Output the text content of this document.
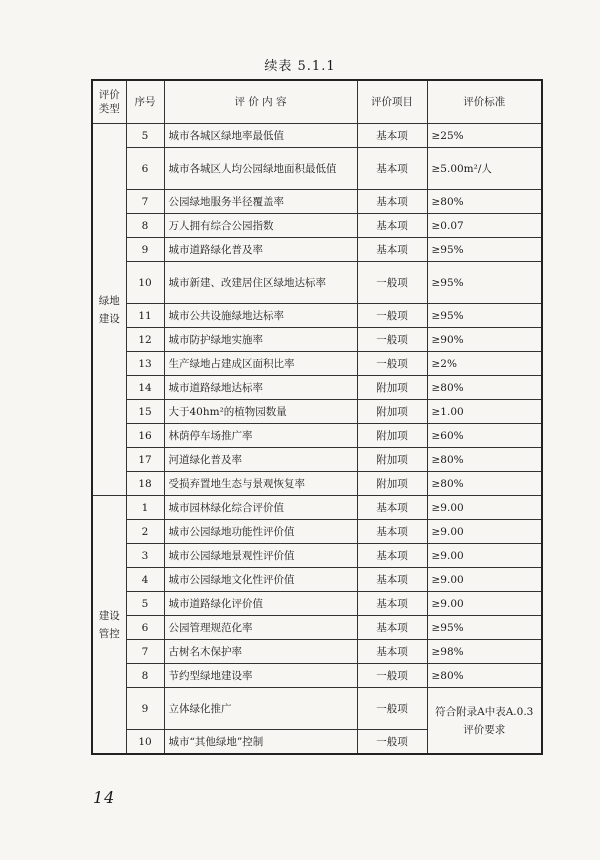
续表 5.1.1
评价类型	序号	评 价 内 容	评价项目	评价标准
绿地建设	5	城市各城区绿地率最低值	基本项	≥25%
	6	城市各城区人均公园绿地面积最低值	基本项	≥5.00m²/人
	7	公园绿地服务半径覆盖率	基本项	≥80%
	8	万人拥有综合公园指数	基本项	≥0.07
	9	城市道路绿化普及率	基本项	≥95%
	10	城市新建、改建居住区绿地达标率	一般项	≥95%
	11	城市公共设施绿地达标率	一般项	≥95%
	12	城市防护绿地实施率	一般项	≥90%
	13	生产绿地占建成区面积比率	一般项	≥2%
	14	城市道路绿地达标率	附加项	≥80%
	15	大于40hm²的植物园数量	附加项	≥1.00
	16	林荫停车场推广率	附加项	≥60%
	17	河道绿化普及率	附加项	≥80%
	18	受损弃置地生态与景观恢复率	附加项	≥80%
建设管控	1	城市园林绿化综合评价值	基本项	≥9.00
	2	城市公园绿地功能性评价值	基本项	≥9.00
	3	城市公园绿地景观性评价值	基本项	≥9.00
	4	城市公园绿地文化性评价值	基本项	≥9.00
	5	城市道路绿化评价值	基本项	≥9.00
	6	公园管理规范化率	基本项	≥95%
	7	古树名木保护率	基本项	≥98%
	8	节约型绿地建设率	一般项	≥80%
	9	立体绿化推广	一般项	符合附录A中表A.0.3评价要求
	10	城市“其他绿地”控制	一般项	
14
